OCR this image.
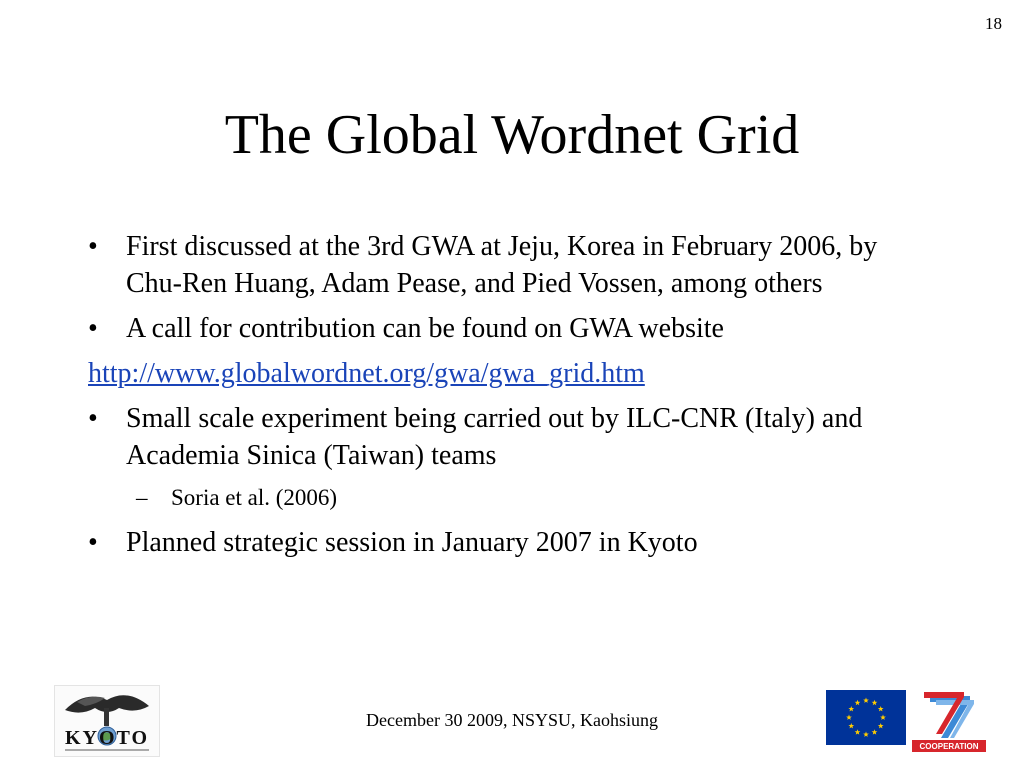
18
The Global Wordnet Grid
• First discussed at the 3rd GWA at Jeju, Korea in February 2006, by Chu-Ren Huang, Adam Pease, and Pied Vossen, among others
• A call for contribution can be found on GWA website
http://www.globalwordnet.org/gwa/gwa_grid.htm
• Small scale experiment being carried out by ILC-CNR (Italy) and Academia Sinica (Taiwan) teams
– Soria et al. (2006)
• Planned strategic session in January 2007 in Kyoto
KYOTO
December 30 2009, NSYSU, Kaohsiung
COOPERATION
